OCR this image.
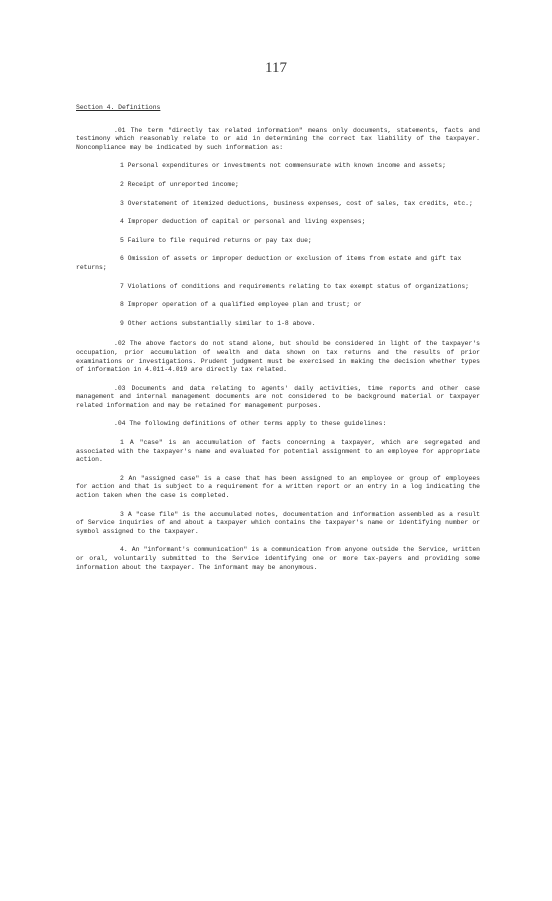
117
Section 4. Definitions

.01 The term "directly tax related information" means only documents, statements, facts and testimony which reasonably relate to or aid in determining the correct tax liability of the taxpayer. Noncompliance may be indicated by such information as:

1 Personal expenditures or investments not commensurate with known income and assets;

2 Receipt of unreported income;

3 Overstatement of itemized deductions, business expenses, cost of sales, tax credits, etc.;

4 Improper deduction of capital or personal and living expenses;

5 Failure to file required returns or pay tax due;

6 Omission of assets or improper deduction or exclusion of items from estate and gift tax returns;

7 Violations of conditions and requirements relating to tax exempt status of organizations;

8 Improper operation of a qualified employee plan and trust; or

9 Other actions substantially similar to 1-8 above.

.02 The above factors do not stand alone, but should be considered in light of the taxpayer's occupation, prior accumulation of wealth and data shown on tax returns and the results of prior examinations or investigations. Prudent judgment must be exercised in making the decision whether types of information in 4.011-4.019 are directly tax related.

.03 Documents and data relating to agents' daily activities, time reports and other case management and internal management documents are not considered to be background material or taxpayer related information and may be retained for management purposes.

.04 The following definitions of other terms apply to these guidelines:

1 A "case" is an accumulation of facts concerning a taxpayer, which are segregated and associated with the taxpayer's name and evaluated for potential assignment to an employee for appropriate action.

2 An "assigned case" is a case that has been assigned to an employee or group of employees for action and that is subject to a requirement for a written report or an entry in a log indicating the action taken when the case is completed.

3 A "case file" is the accumulated notes, documentation and information assembled as a result of Service inquiries of and about a taxpayer which contains the taxpayer's name or identifying number or symbol assigned to the taxpayer.

4. An "informant's communication" is a communication from anyone outside the Service, written or oral, voluntarily submitted to the Service identifying one or more tax-payers and providing some information about the taxpayer. The informant may be anonymous.
